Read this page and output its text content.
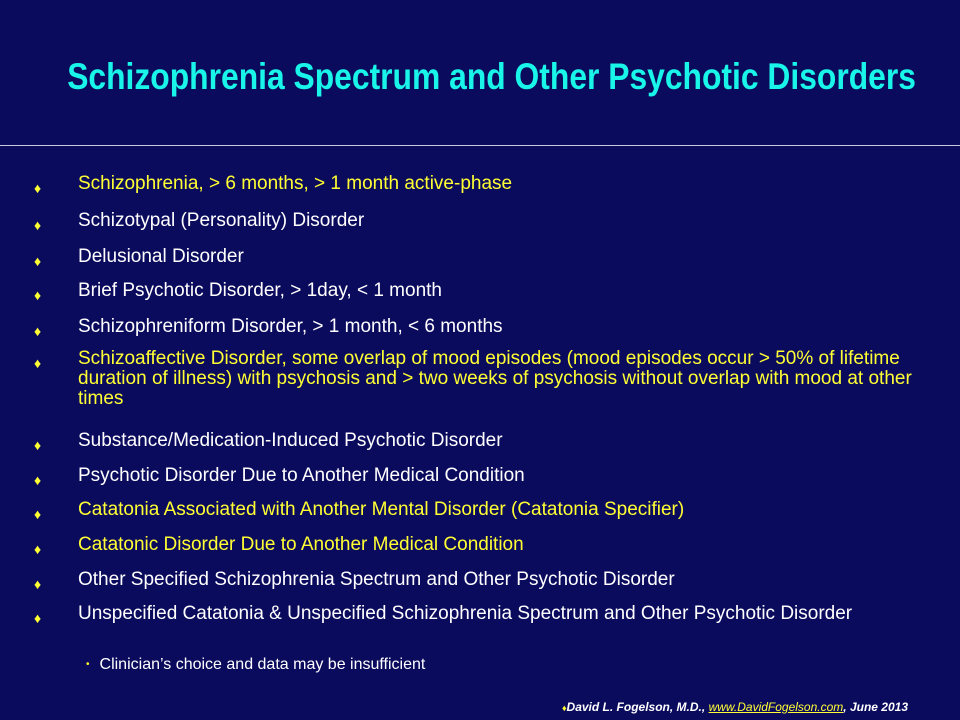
Schizophrenia Spectrum and Other Psychotic Disorders
♦ Schizophrenia, > 6 months, > 1 month active-phase
♦ Schizotypal (Personality) Disorder
♦ Delusional Disorder
♦ Brief Psychotic Disorder, > 1day, < 1 month
♦ Schizophreniform Disorder, > 1 month, < 6 months
♦ Schizoaffective Disorder, some overlap of mood episodes (mood episodes occur > 50% of lifetime duration of illness) with psychosis and > two weeks of psychosis without overlap with mood at other times
♦ Substance/Medication-Induced Psychotic Disorder
♦ Psychotic Disorder Due to Another Medical Condition
♦ Catatonia Associated with Another Mental Disorder (Catatonia Specifier)
♦ Catatonic Disorder Due to Another Medical Condition
♦ Other Specified Schizophrenia Spectrum and Other Psychotic Disorder
♦ Unspecified Catatonia & Unspecified Schizophrenia Spectrum and Other Psychotic Disorder
• Clinician’s choice and data may be insufficient
♦David L. Fogelson, M.D., www.DavidFogelson.com, June 2013
